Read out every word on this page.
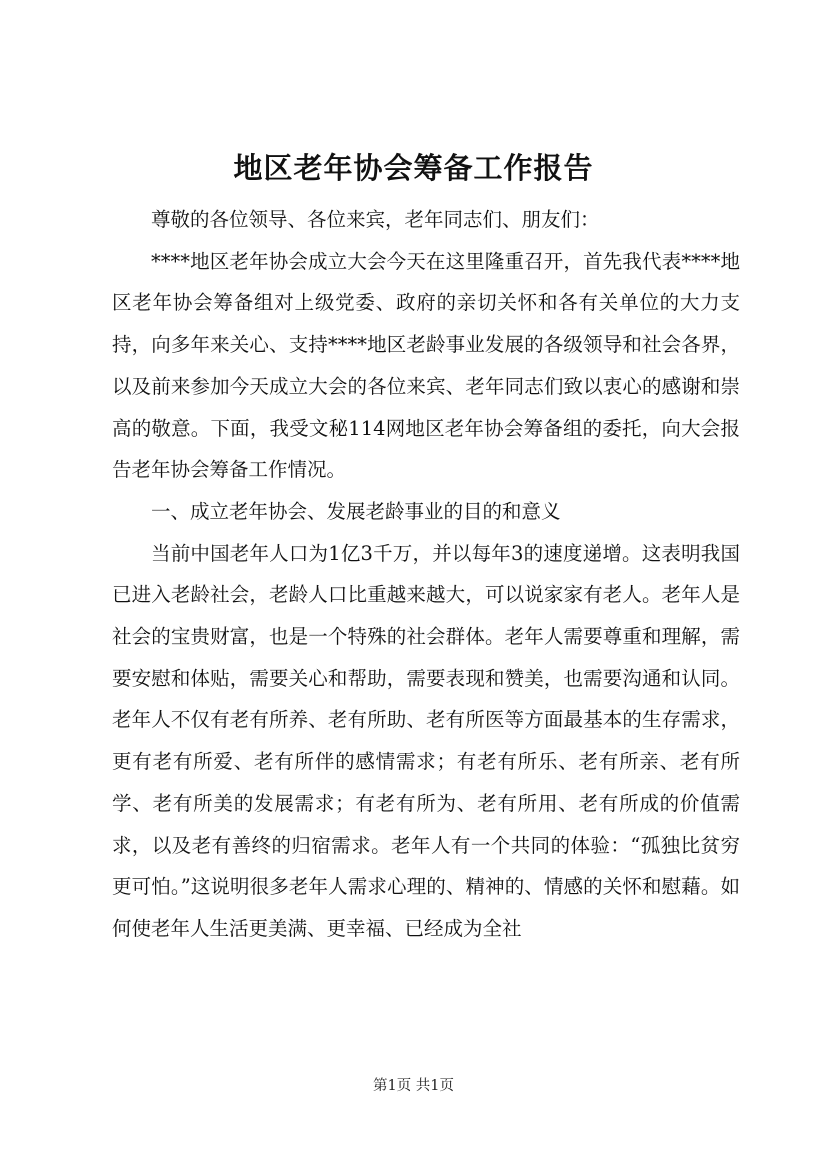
地区老年协会筹备工作报告

尊敬的各位领导、各位来宾，老年同志们、朋友们：

****地区老年协会成立大会今天在这里隆重召开，首先我代表****地区老年协会筹备组对上级党委、政府的亲切关怀和各有关单位的大力支持，向多年来关心、支持****地区老龄事业发展的各级领导和社会各界，以及前来参加今天成立大会的各位来宾、老年同志们致以衷心的感谢和崇高的敬意。下面，我受文秘114网地区老年协会筹备组的委托，向大会报告老年协会筹备工作情况。

一、成立老年协会、发展老龄事业的目的和意义

当前中国老年人口为1亿3千万，并以每年3的速度递增。这表明我国已进入老龄社会，老龄人口比重越来越大，可以说家家有老人。老年人是社会的宝贵财富，也是一个特殊的社会群体。老年人需要尊重和理解，需要安慰和体贴，需要关心和帮助，需要表现和赞美，也需要沟通和认同。老年人不仅有老有所养、老有所助、老有所医等方面最基本的生存需求，更有老有所爱、老有所伴的感情需求；有老有所乐、老有所亲、老有所学、老有所美的发展需求；有老有所为、老有所用、老有所成的价值需求，以及老有善终的归宿需求。老年人有一个共同的体验：“孤独比贫穷更可怕。”这说明很多老年人需求心理的、精神的、情感的关怀和慰藉。如何使老年人生活更美满、更幸福、已经成为全社

第1页 共1页
